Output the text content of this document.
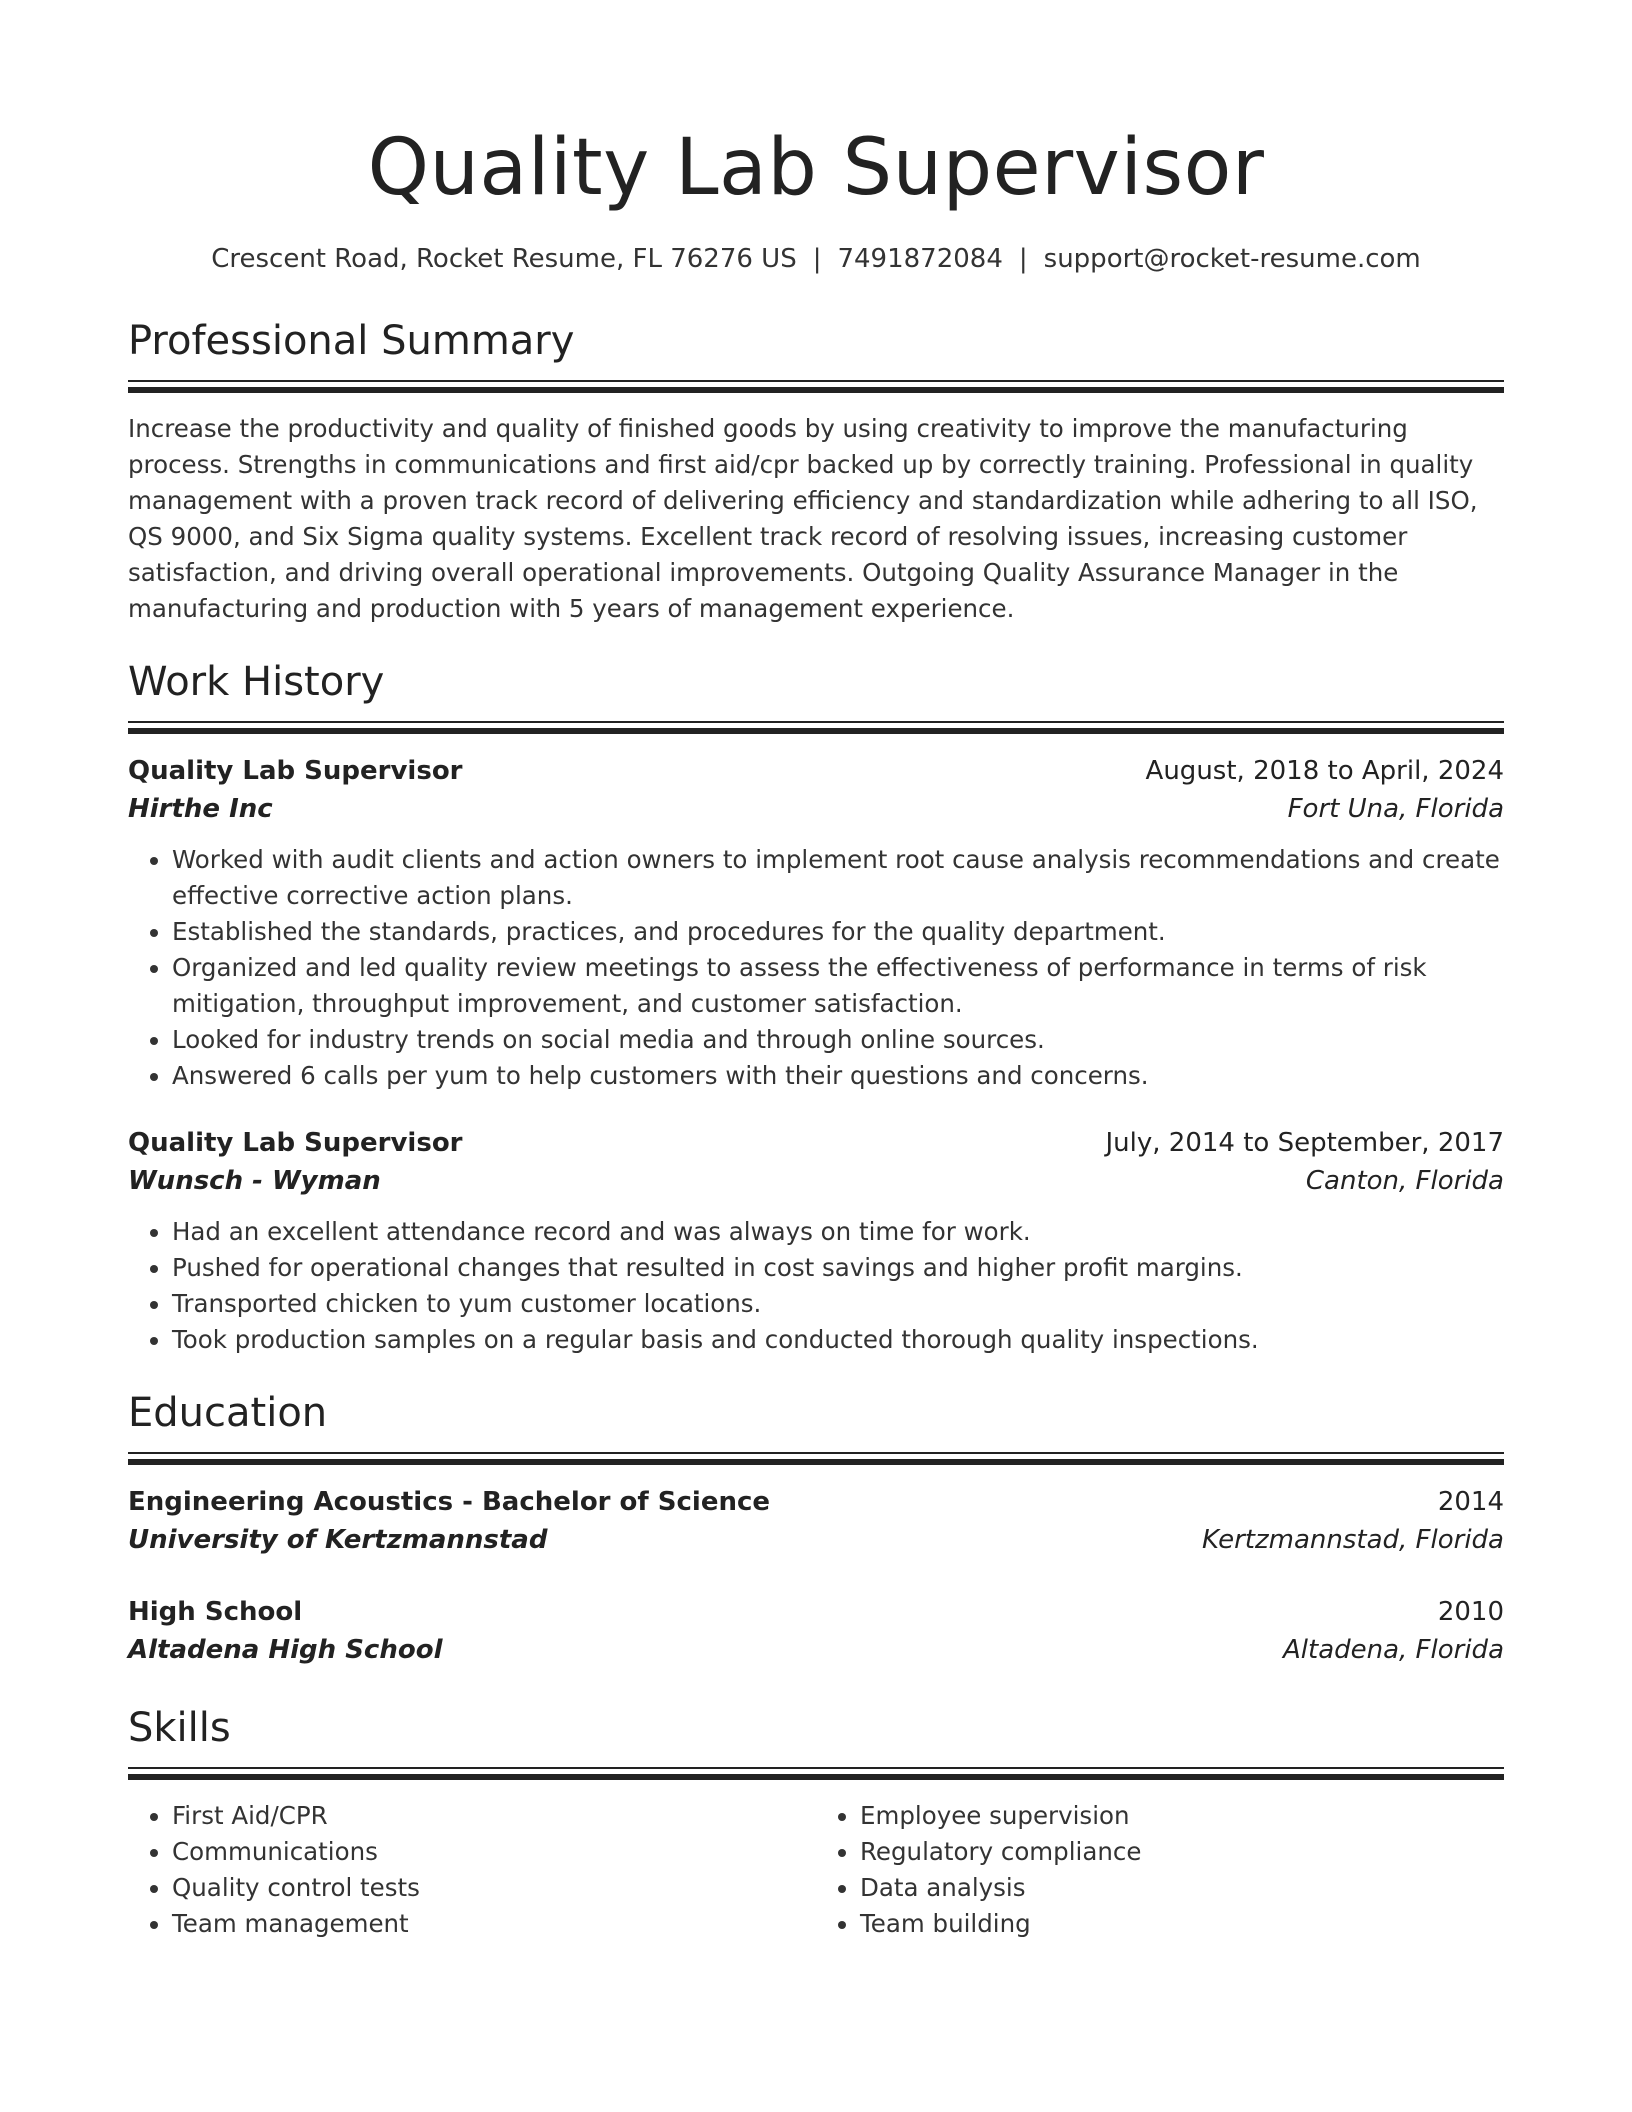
Quality Lab Supervisor
Crescent Road, Rocket Resume, FL 76276 US | 7491872084 | support@rocket-resume.com
Professional Summary

Increase the productivity and quality of finished goods by using creativity to improve the manufacturing process. Strengths in communications and first aid/cpr backed up by correctly training. Professional in quality management with a proven track record of delivering efficiency and standardization while adhering to all ISO, QS 9000, and Six Sigma quality systems. Excellent track record of resolving issues, increasing customer satisfaction, and driving overall operational improvements. Outgoing Quality Assurance Manager in the manufacturing and production with 5 years of management experience.

Work History
Quality Lab Supervisor	August, 2018 to April, 2024
Hirthe Inc	Fort Una, Florida
• Worked with audit clients and action owners to implement root cause analysis recommendations and create effective corrective action plans.
• Established the standards, practices, and procedures for the quality department.
• Organized and led quality review meetings to assess the effectiveness of performance in terms of risk mitigation, throughput improvement, and customer satisfaction.
• Looked for industry trends on social media and through online sources.
• Answered 6 calls per yum to help customers with their questions and concerns.
Quality Lab Supervisor	July, 2014 to September, 2017
Wunsch - Wyman	Canton, Florida
• Had an excellent attendance record and was always on time for work.
• Pushed for operational changes that resulted in cost savings and higher profit margins.
• Transported chicken to yum customer locations.
• Took production samples on a regular basis and conducted thorough quality inspections.
Education
Engineering Acoustics - Bachelor of Science	2014
University of Kertzmannstad	Kertzmannstad, Florida
High School	2010
Altadena High School	Altadena, Florida
Skills
• First Aid/CPR
• Communications
• Quality control tests
• Team management
• Employee supervision
• Regulatory compliance
• Data analysis
• Team building
